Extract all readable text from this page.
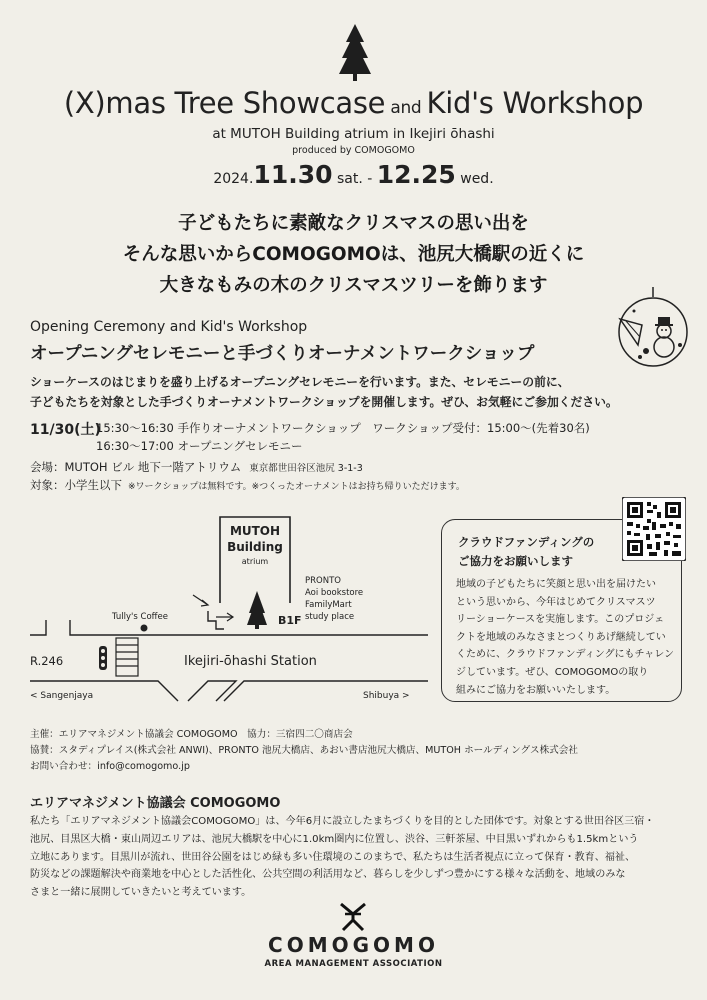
(X)mas Tree Showcase and Kid's Workshop
at MUTOH Building atrium in Ikejiri ōhashi
produced by COMOGOMO
2024.11.30 sat. - 12.25 wed.
子どもたちに素敵なクリスマスの思い出を
そんな思いからCOMOGOMOは、池尻大橋駅の近くに
大きなもみの木のクリスマスツリーを飾ります
Opening Ceremony and Kid's Workshop
オープニングセレモニーと手づくりオーナメントワークショップ
ショーケースのはじまりを盛り上げるオープニングセレモニーを行います。また、セレモニーの前に、
子どもたちを対象とした手づくりオーナメントワークショップを開催します。ぜひ、お気軽にご参加ください。
11/30(土)
15:30～16:30 手作りオーナメントワークショップ　ワークショップ受付：15:00～(先着30名)
16:30～17:00 オープニングセレモニー
会場：MUTOH ビル 地下一階アトリウム 東京都世田谷区池尻 3-1-3
対象：小学生以下 ※ワークショップは無料です。※つくったオーナメントはお持ち帰りいただけます。
MUTOH
Building
atrium
B1F
PRONTO
Aoi bookstore
FamilyMart
study place
Tully's Coffee
R.246	Ikejiri-ōhashi Station
< Sangenjaya	Shibuya >
クラウドファンディングの
ご協力をお願いします
地域の子どもたちに笑顔と思い出を届けたい
という思いから、今年はじめてクリスマスツ
リーショーケースを実施します。このプロジェ
クトを地域のみなさまとつくりあげ継続してい
くために、クラウドファンディングにもチャレン
ジしています。ぜひ、COMOGOMOの取り
組みにご協力をお願いいたします。
主催：エリアマネジメント協議会 COMOGOMO　協力：三宿四二〇商店会
協賛：スタディプレイス(株式会社 ANWI)、PRONTO 池尻大橋店、あおい書店池尻大橋店、MUTOH ホールディングス株式会社
お問い合わせ：info@comogomo.jp
エリアマネジメント協議会 COMOGOMO
私たち「エリアマネジメント協議会COMOGOMO」は、今年6月に設立したまちづくりを目的とした団体です。対象とする世田谷区三宿・
池尻、目黒区大橋・東山周辺エリアは、池尻大橋駅を中心に1.0km圏内に位置し、渋谷、三軒茶屋、中目黒いずれからも1.5kmという
立地にあります。目黒川が流れ、世田谷公園をはじめ緑も多い住環境のこのまちで、私たちは生活者視点に立って保育・教育、福祉、
防災などの課題解決や商業地を中心とした活性化、公共空間の利活用など、暮らしを少しずつ豊かにする様々な活動を、地域のみな
さまと一緒に展開していきたいと考えています。
COMOGOMO
AREA MANAGEMENT ASSOCIATION
